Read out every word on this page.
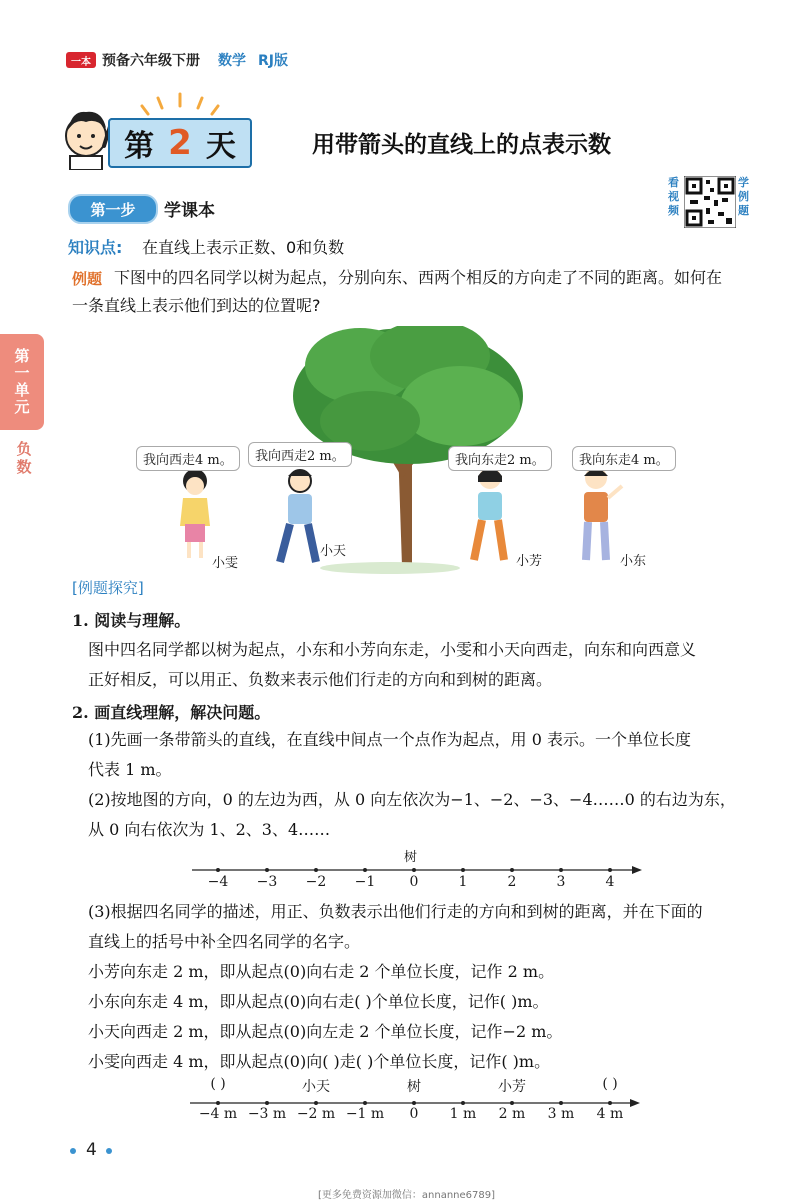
一本 预备六年级下册 数学 RJ版
第 2 天	用带箭头的直线上的点表示数
第一步	学课本
看视频
学例题
知识点: 在直线上表示正数、0和负数
例题 下图中的四名同学以树为起点，分别向东、西两个相反的方向走了不同的距离。如何在
一条直线上表示他们到达的位置呢?
第
一
单
元
负
数	我向西走4 m。	我向西走2 m。	我向东走2 m。	我向东走4 m。
小雯
小天
小芳	小东
[例题探究]
1. 阅读与理解。
图中四名同学都以树为起点，小东和小芳向东走，小雯和小天向西走，向东和向西意义
正好相反，可以用正、负数来表示他们行走的方向和到树的距离。
2. 画直线理解，解决问题。
(1)先画一条带箭头的直线，在直线中间点一个点作为起点，用 0 表示。一个单位长度
代表 1 m。
(2)按地图的方向，0 的左边为西，从 0 向左依次为−1、−2、−3、−4……0 的右边为东，
从 0 向右依次为 1、2、3、4……
树
−4	−3	−2	−1	0	1	2	3	4
(3)根据四名同学的描述，用正、负数表示出他们行走的方向和到树的距离，并在下面的
直线上的括号中补全四名同学的名字。
小芳向东走 2 m，即从起点(0)向右走 2 个单位长度，记作 2 m。
小东向东走 4 m，即从起点(0)向右走( )个单位长度，记作( )m。
小天向西走 2 m，即从起点(0)向左走 2 个单位长度，记作−2 m。
小雯向西走 4 m，即从起点(0)向( )走( )个单位长度，记作( )m。
( )	小天	树	小芳	( )
−4 m −3 m −2 m −1 m	0	1 m	2 m	3 m	4 m
4
[更多免费资源加微信：annanne6789]
